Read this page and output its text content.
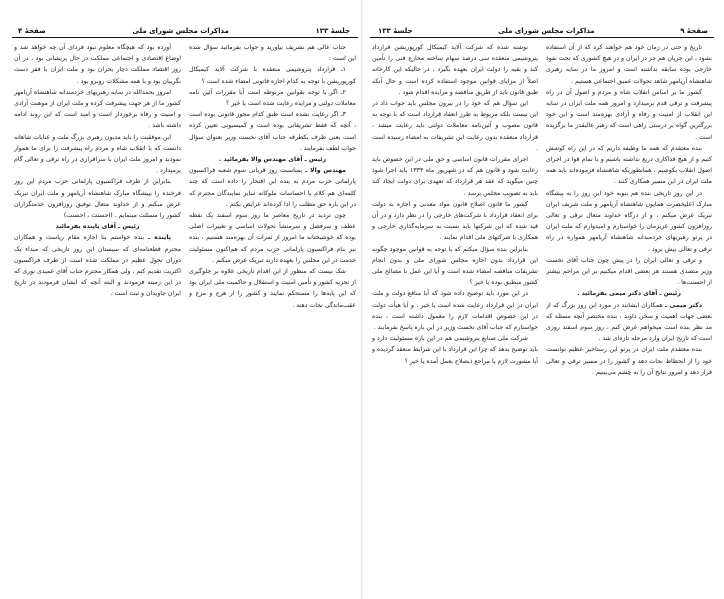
جلسهٔ ۱۳۳
مذاکرات مجلس شورای ملی
صفحهٔ ۴

جناب عالی هم تشریف بیاورید و جواب بفرمائید سؤال شده این است :

۱ـ قرارداد پتروشیمی منعقده با شرکت آلاید کیمیکال کورپوریشن با توجه به کدام اجازه قانونی امضاء شده است ؟

۲ـ اگر با توجه بقوانین مربوطه است آیا مقررات آئین نامه معاملات دولتی و مزایده رعایت شده است یا خیر ؟

۳ـ اگر رعایت نشده است طبق کدام مجوز قانونی بوده است ، آنچه که فقط تشریفاتی بوده است و کمیسیونی تعیین کرده است یعنی طرف یکطرفه جناب آقای نخست وزیر بعنوان سؤال جواب لطف بفرمایند .

رئیس ـ آقای مهندس والا بفرمائید .

مهندس والا ـ بمناسبت روز قربانی سوم شعبه فراکسیون پارلمانی حزب مردم به بنده این افتخار را داده است که چند کلمه‌ای هم کلام با احساسات ملوکانه سایر نمایندگان محترم که در این باره حق مطلب را ادا کرده‌اند عرایض بکنم .

چون تردید در تاریخ معاصر ما روز سوم اسفند یک نقطه عطف و سرفصل و سرمنشأ تحولات اساسی و تغییرات اصلی بوده که خوشبختانه ما امروز از ثمرات آن بهره‌مند هستیم ، بنده نیز بنام فراکسیون پارلمانی حزب مردم که هم‌اکنون مسئولیت خدمت در این مجلس را بعهده دارند تبریک عرض میکنم .

شک نیست که منظور از این اقدام تاریخی علاوه بر جلوگیری از تجزیه کشور و تأمین امنیت و استقلال و حاکمیت ملی ایران بود که این پایه‌ها را مستحکم نمایند و کشور را از هرج و مرج و عقب‌ماندگی نجات دهند .

آورده بود که هیچگاه معلوم نبود فردای آن چه خواهد شد و اوضاع اقتصادی و اجتماعی مملکت در حال پریشانی بود ، در آن روز اقتصاد مملکت دچار بحران بود و ملت ایران با فقر دست بگریبان بود و با همه مشکلات روبرو بود .

امروز بحمدالله در سایه رهبریهای خردمندانه شاهنشاه آریامهر کشور ما از هر جهت پیشرفت کرده و ملت ایران از موهبت آزادی و امنیت و رفاه برخوردار است و امید است که این روند ادامه داشته باشد .

این موفقیت را باید مدیون رهبری بزرگ ملت و عنایات شاهانه دانست که با انقلاب شاه و مردم راه پیشرفت را برای ما هموار نمودند و امروز ملت ایران با سرافرازی در راه ترقی و تعالی گام برمیدارد .

بنابراین از طرف فراکسیون پارلمانی حزب مردم این روز فرخنده را بپیشگاه مبارک شاهنشاه آریامهر و ملت ایران تبریک عرض میکنم و از خداوند متعال توفیق روزافزون خدمتگزاران کشور را مسئلت مینمایم . (احسنت ، احسنت)

رئیس ـ آقای پاینده بفرمائید

پاینده ـ بنده خواستم بنا اجازه مقام ریاست و همکاران محترم قطعنامه‌ای که سیستان این روز تاریخی که مبداء یک دوران تحول عظیم در مملکت شده است از طرف فراکسیون اکثریت تقدیم کنم ، ولی همکار محترم جناب آقای عمیدی نوری که در این زمینه فرمودند و البته آنچه که ایشان فرمودند در تاریخ ایران جاویدان و ثبت است .

صفحهٔ ۹
مذاکرات مجلس شورای ملی
جلسهٔ ۱۳۳

تاریخ و حتی در زمان خود هم خواهند کرد که از آن استفاده بشود ، این جریان هم جز در ایران و در هیچ کشوری که تحت نفوذ خارجی بوده سابقه نداشته است و امروز ما در سایه رهبری شاهنشاه آریامهر شاهد تحولات عمیق اجتماعی هستیم .

کشور ما بر اساس انقلاب شاه و مردم و اصول آن در راه پیشرفت و ترقی قدم برمیدارد و امروز همه ملت ایران در سایه این انقلاب از امنیت و رفاه و آزادی بهره‌مند است و این خود بزرگترین گواه بر درستی راهی است که رهبر عالیقدر ما برگزیده است .

بنده معتقدم که همه ما وظیفه داریم که در این راه کوشش کنیم و از هیچ فداکاری دریغ نداشته باشیم و با تمام قوا در اجرای اصول انقلاب بکوشیم ، همانطوریکه شاهنشاه فرموده‌اند باید همه ملت ایران در این مسیر همکاری کنند .

در این روز تاریخی بنده هم بنوبه خود این روز را به پیشگاه مبارک اعلیحضرت همایون شاهنشاه آریامهر و ملت شریف ایران تبریک عرض میکنم ، و از درگاه خداوند متعال ترقی و تعالی روزافزون کشور عزیزمان را خواستارم و امیدوارم که ملت ایران در پرتو رهبریهای خردمندانه شاهنشاه آریامهر همواره در راه ترقی و تعالی پیش برود .

و ترقی و تعالی ایران را در پیش چون جناب آقای نخست وزیر متصدی هستند هر بعضی اقدام میکنیم بر این مراحم بیشتر از احسنت‌ها .

رئیس ـ آقای دکتر میمی بفرمائید .

دکتر میمی ـ همکاران ایشانند در مورد این روز بزرگ که از بعضی جهات اهمیت و سخن داوند ، بنده مختصر آنچه مسئله که مد نظر بنده است میخواهم عرض کنم ، روز سوم اسفند روزی است که تاریخ ایران وارد مرحله تازه‌ای شد .

بنده معتقدم ملت ایران در پرتو این رستاخیز عظیم توانست خود را از انحطاط نجات دهد و کشور را در مسیر ترقی و تعالی قرار دهد و امروز نتایج آن را به چشم می‌بینیم .

نوشته شده که شرکت آلاید کیمیکال کورپوریشن قرارداد پتروشیمی منعقده سی درصد سهام ساخته مخارج فنی را تأمین کند و بقیه را دولت ایران بعهده بگیرد ، در حالیکه این کارخانه اصلاً از مزایای قوانین موجود استفاده کرده است و حال آنکه طبق قانون باید از طریق مناقصه و مزایده اقدام شود .

این سؤال هم که خود را در بیرون مجلس باید جواب داد در این نیست بلکه مربوط به طرز انعقاد قرارداد است که با توجه به قانون مصوب و آئین‌نامه معاملات دولتی باید رعایت میشد ، قرارداد منعقده بدون رعایت این تشریفات به امضاء رسیده است .

اجرای مقررات قانون اساسی و حق ملی در این خصوص باید رعایت شود و قانون هم که در شهریور ماه ۱۳۳۴ باید اجرا شود چنین میگوید که عقد هر قرارداد که تعهدی برای دولت ایجاد کند باید به تصویب مجلس برسد .

کشور ما قانون اصلاح قانون مواد معدنی و اجازه به دولت برای انعقاد قرارداد با شرکت‌های خارجی را در نظر دارد و در آن قید شده که این شرکتها باید نسبت به سرمایه‌گذاری خارجی و همکاری با شرکتهای ملی اقدام نمایند .

بنابراین بنده سؤال میکنم که با توجه به قوانین موجود چگونه این قرارداد بدون اجازه مجلس شورای ملی و بدون انجام تشریفات مناقصه امضاء شده است و آیا این عمل با مصالح ملی کشور منطبق بوده یا خیر ؟

در این مورد باید توضیح داده شود که آیا منافع دولت و ملت ایران در این قرارداد رعایت شده است یا خیر ، و آیا هیأت دولت در این خصوص اقدامات لازم را معمول داشته است ، بنده خواستارم که جناب آقای نخست وزیر در این باره پاسخ بفرمایند .

شرکت ملی صنایع پتروشیمی هم در این باره مسئولیت دارد و باید توضیح بدهد که چرا این قرارداد با این شرایط منعقد گردیده و آیا مشورت لازم با مراجع ذیصلاح بعمل آمده یا خیر ؟
